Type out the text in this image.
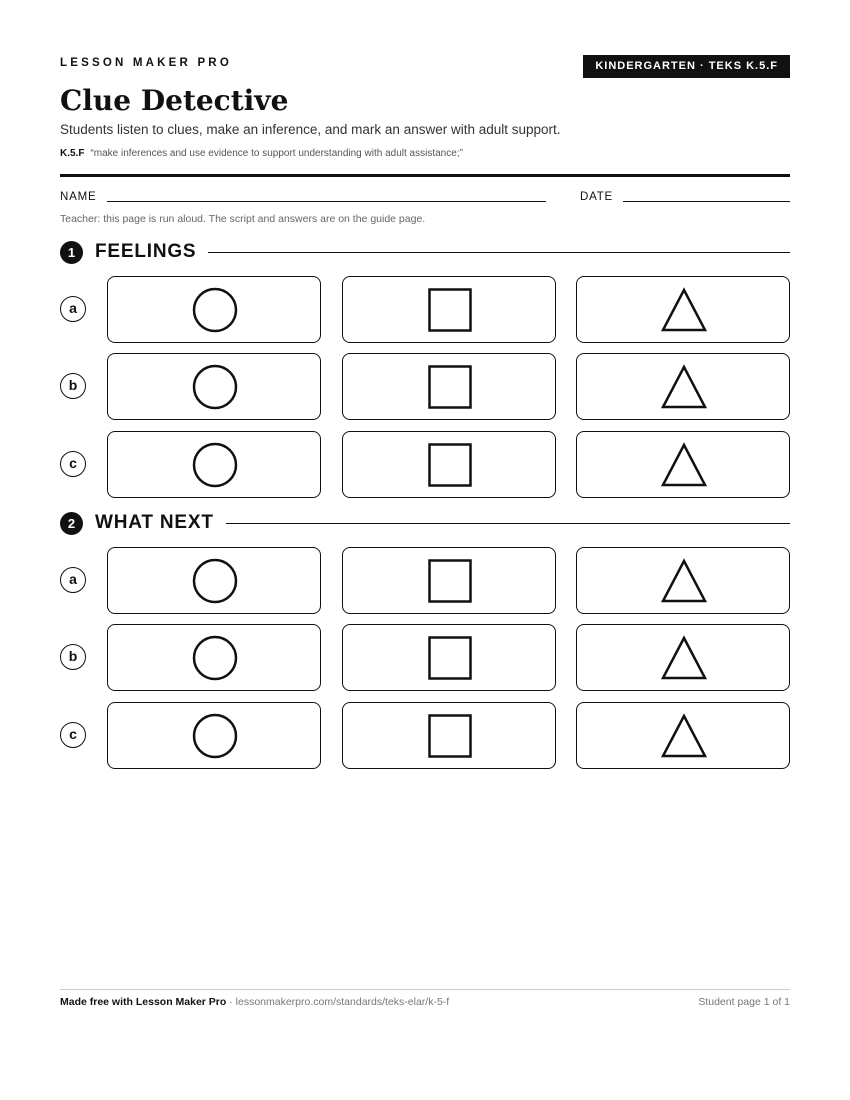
LESSON MAKER PRO	KINDERGARTEN · TEKS K.5.F
Clue Detective
Students listen to clues, make an inference, and mark an answer with adult support.
K.5.F “make inferences and use evidence to support understanding with adult assistance;”
NAME	DATE
Teacher: this page is run aloud. The script and answers are on the guide page.
1	FEELINGS
a
b
c
2	WHAT NEXT
a
b
c
Made free with Lesson Maker Pro · lessonmakerpro.com/standards/teks-elar/k-5-f	Student page 1 of 1
